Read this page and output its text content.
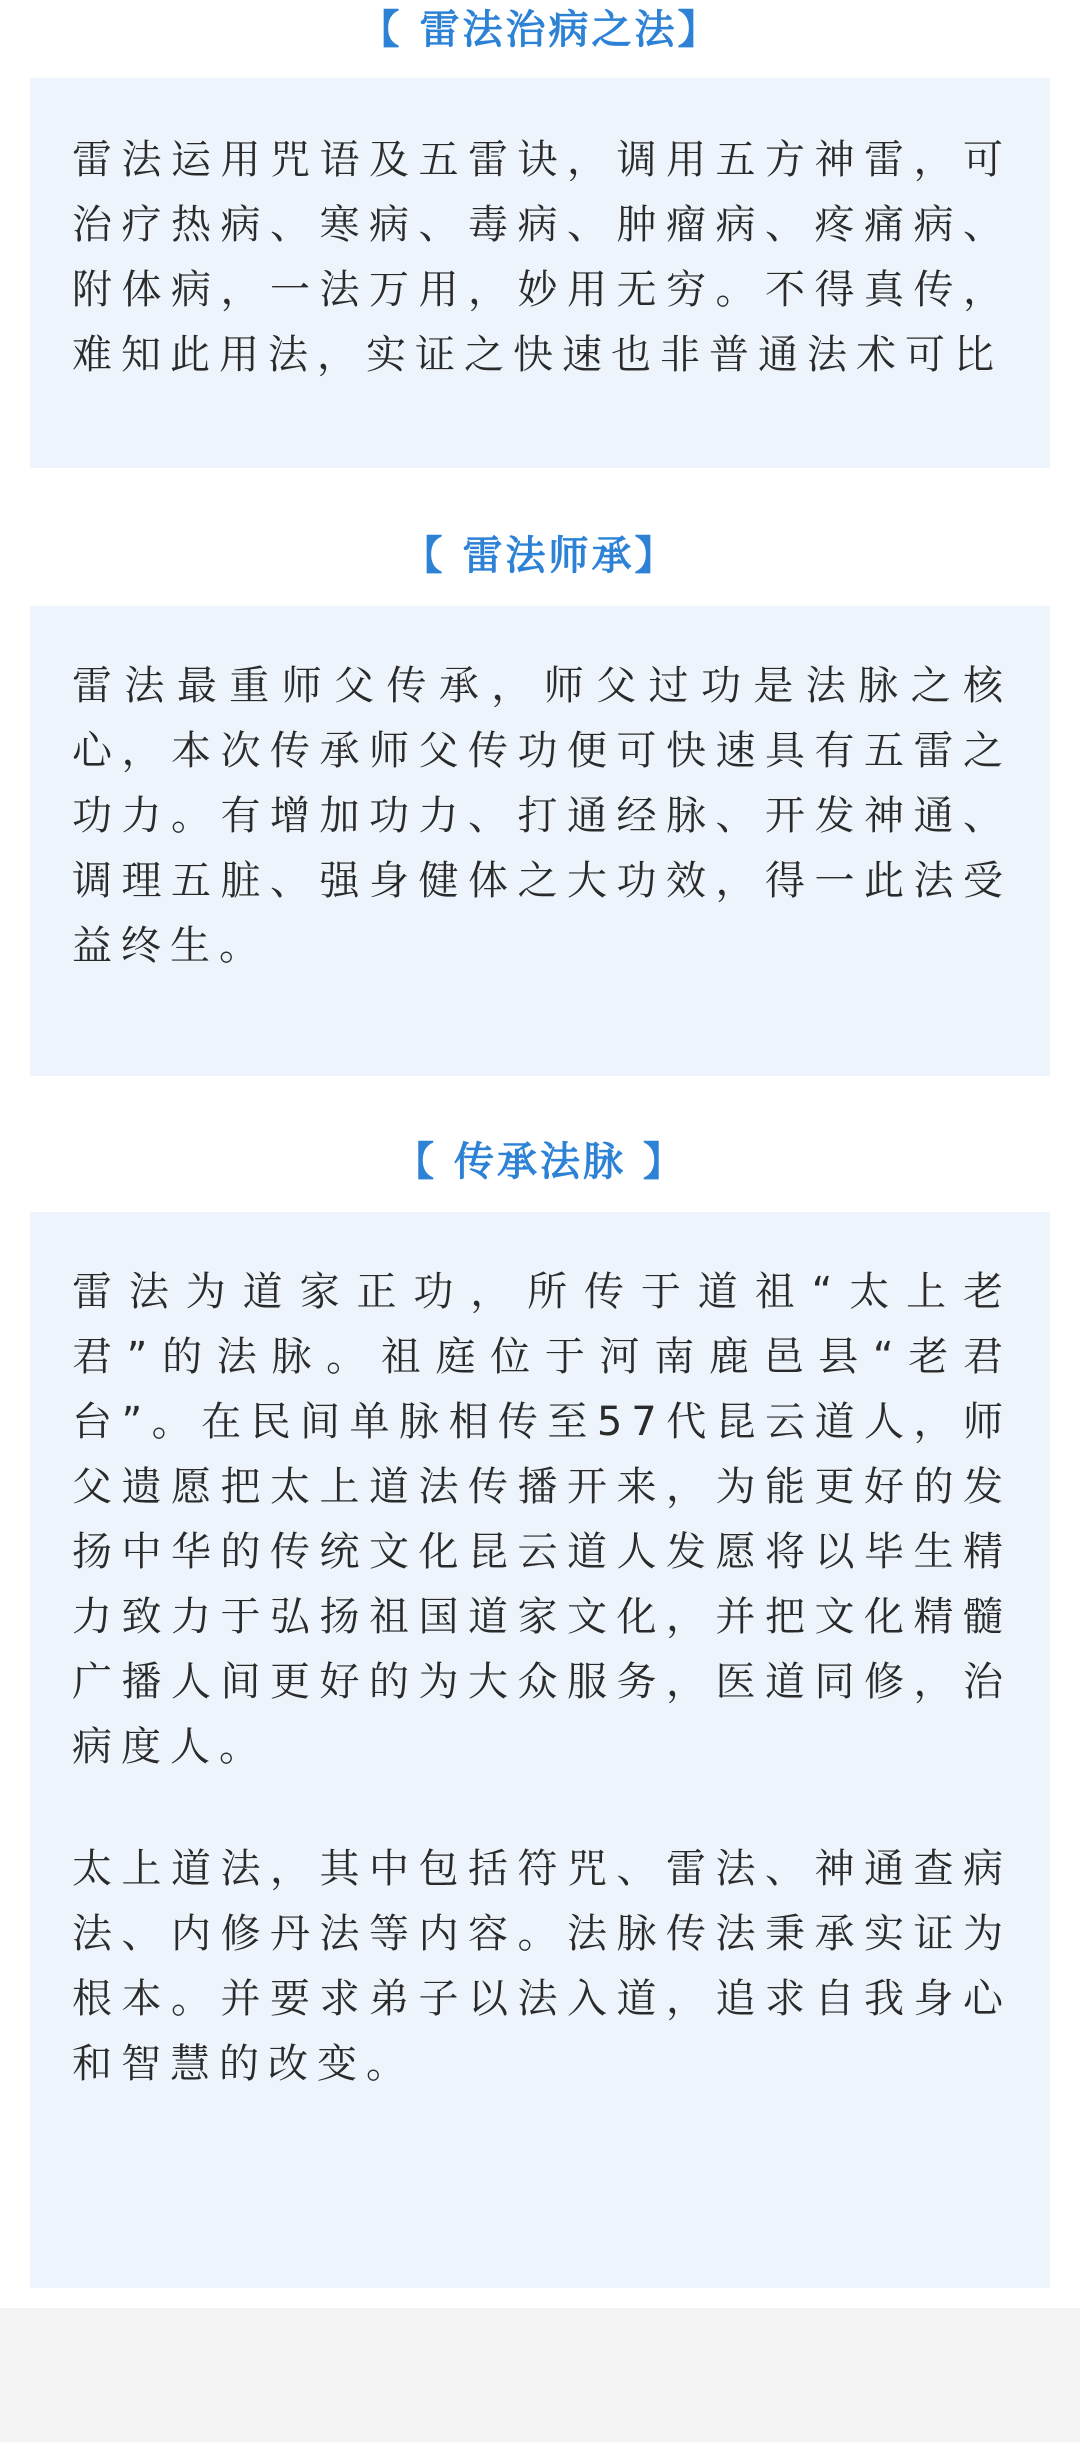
【 雷法治病之法】

雷法运用咒语及五雷诀，调用五方神雷，可治疗热病、寒病、毒病、肿瘤病、疼痛病、附体病，一法万用，妙用无穷。不得真传，难知此用法，实证之快速也非普通法术可比

【 雷法师承】

雷法最重师父传承，师父过功是法脉之核心，本次传承师父传功便可快速具有五雷之功力。有增加功力、打通经脉、开发神通、调理五脏、强身健体之大功效，得一此法受益终生。

【 传承法脉 】

雷法为道家正功，所传于道祖“太上老君”的法脉。祖庭位于河南鹿邑县“老君台”。在民间单脉相传至57代昆云道人，师父遗愿把太上道法传播开来，为能更好的发扬中华的传统文化昆云道人发愿将以毕生精力致力于弘扬祖国道家文化，并把文化精髓广播人间更好的为大众服务，医道同修，治病度人。

太上道法，其中包括符咒、雷法、神通查病法、内修丹法等内容。法脉传法秉承实证为根本。并要求弟子以法入道，追求自我身心和智慧的改变。
